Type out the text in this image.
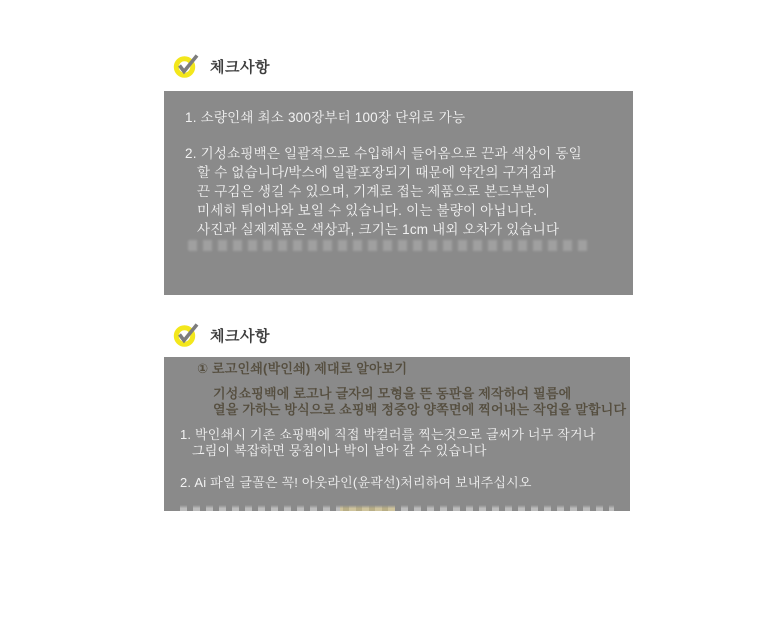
체크사항
1. 소량인쇄 최소 300장부터 100장 단위로 가능
2. 기성쇼핑백은 일괄적으로 수입해서 들어옴으로 끈과 색상이 동일
할 수 없습니다/박스에 일괄포장되기 때문에 약간의 구겨짐과
끈 구김은 생길 수 있으며, 기계로 접는 제품으로 본드부분이
미세히 튀어나와 보일 수 있습니다. 이는 불량이 아닙니다.
사진과 실제제품은 색상과, 크기는 1cm 내외 오차가 있습니다
체크사항
① 로고인쇄(박인쇄) 제대로 알아보기
기성쇼핑백에 로고나 글자의 모형을 뜬 동판을 제작하여 필름에
열을 가하는 방식으로 쇼핑백 정중앙 양쪽면에 찍어내는 작업을 말합니다
1. 박인쇄시 기존 쇼핑백에 직접 박컬러를 찍는것으로 글씨가 너무 작거나
그림이 복잡하면 뭉침이나 박이 날아 갈 수 있습니다
2. Ai 파일 글꼴은 꼭! 아웃라인(윤곽선)처리하여 보내주십시오
